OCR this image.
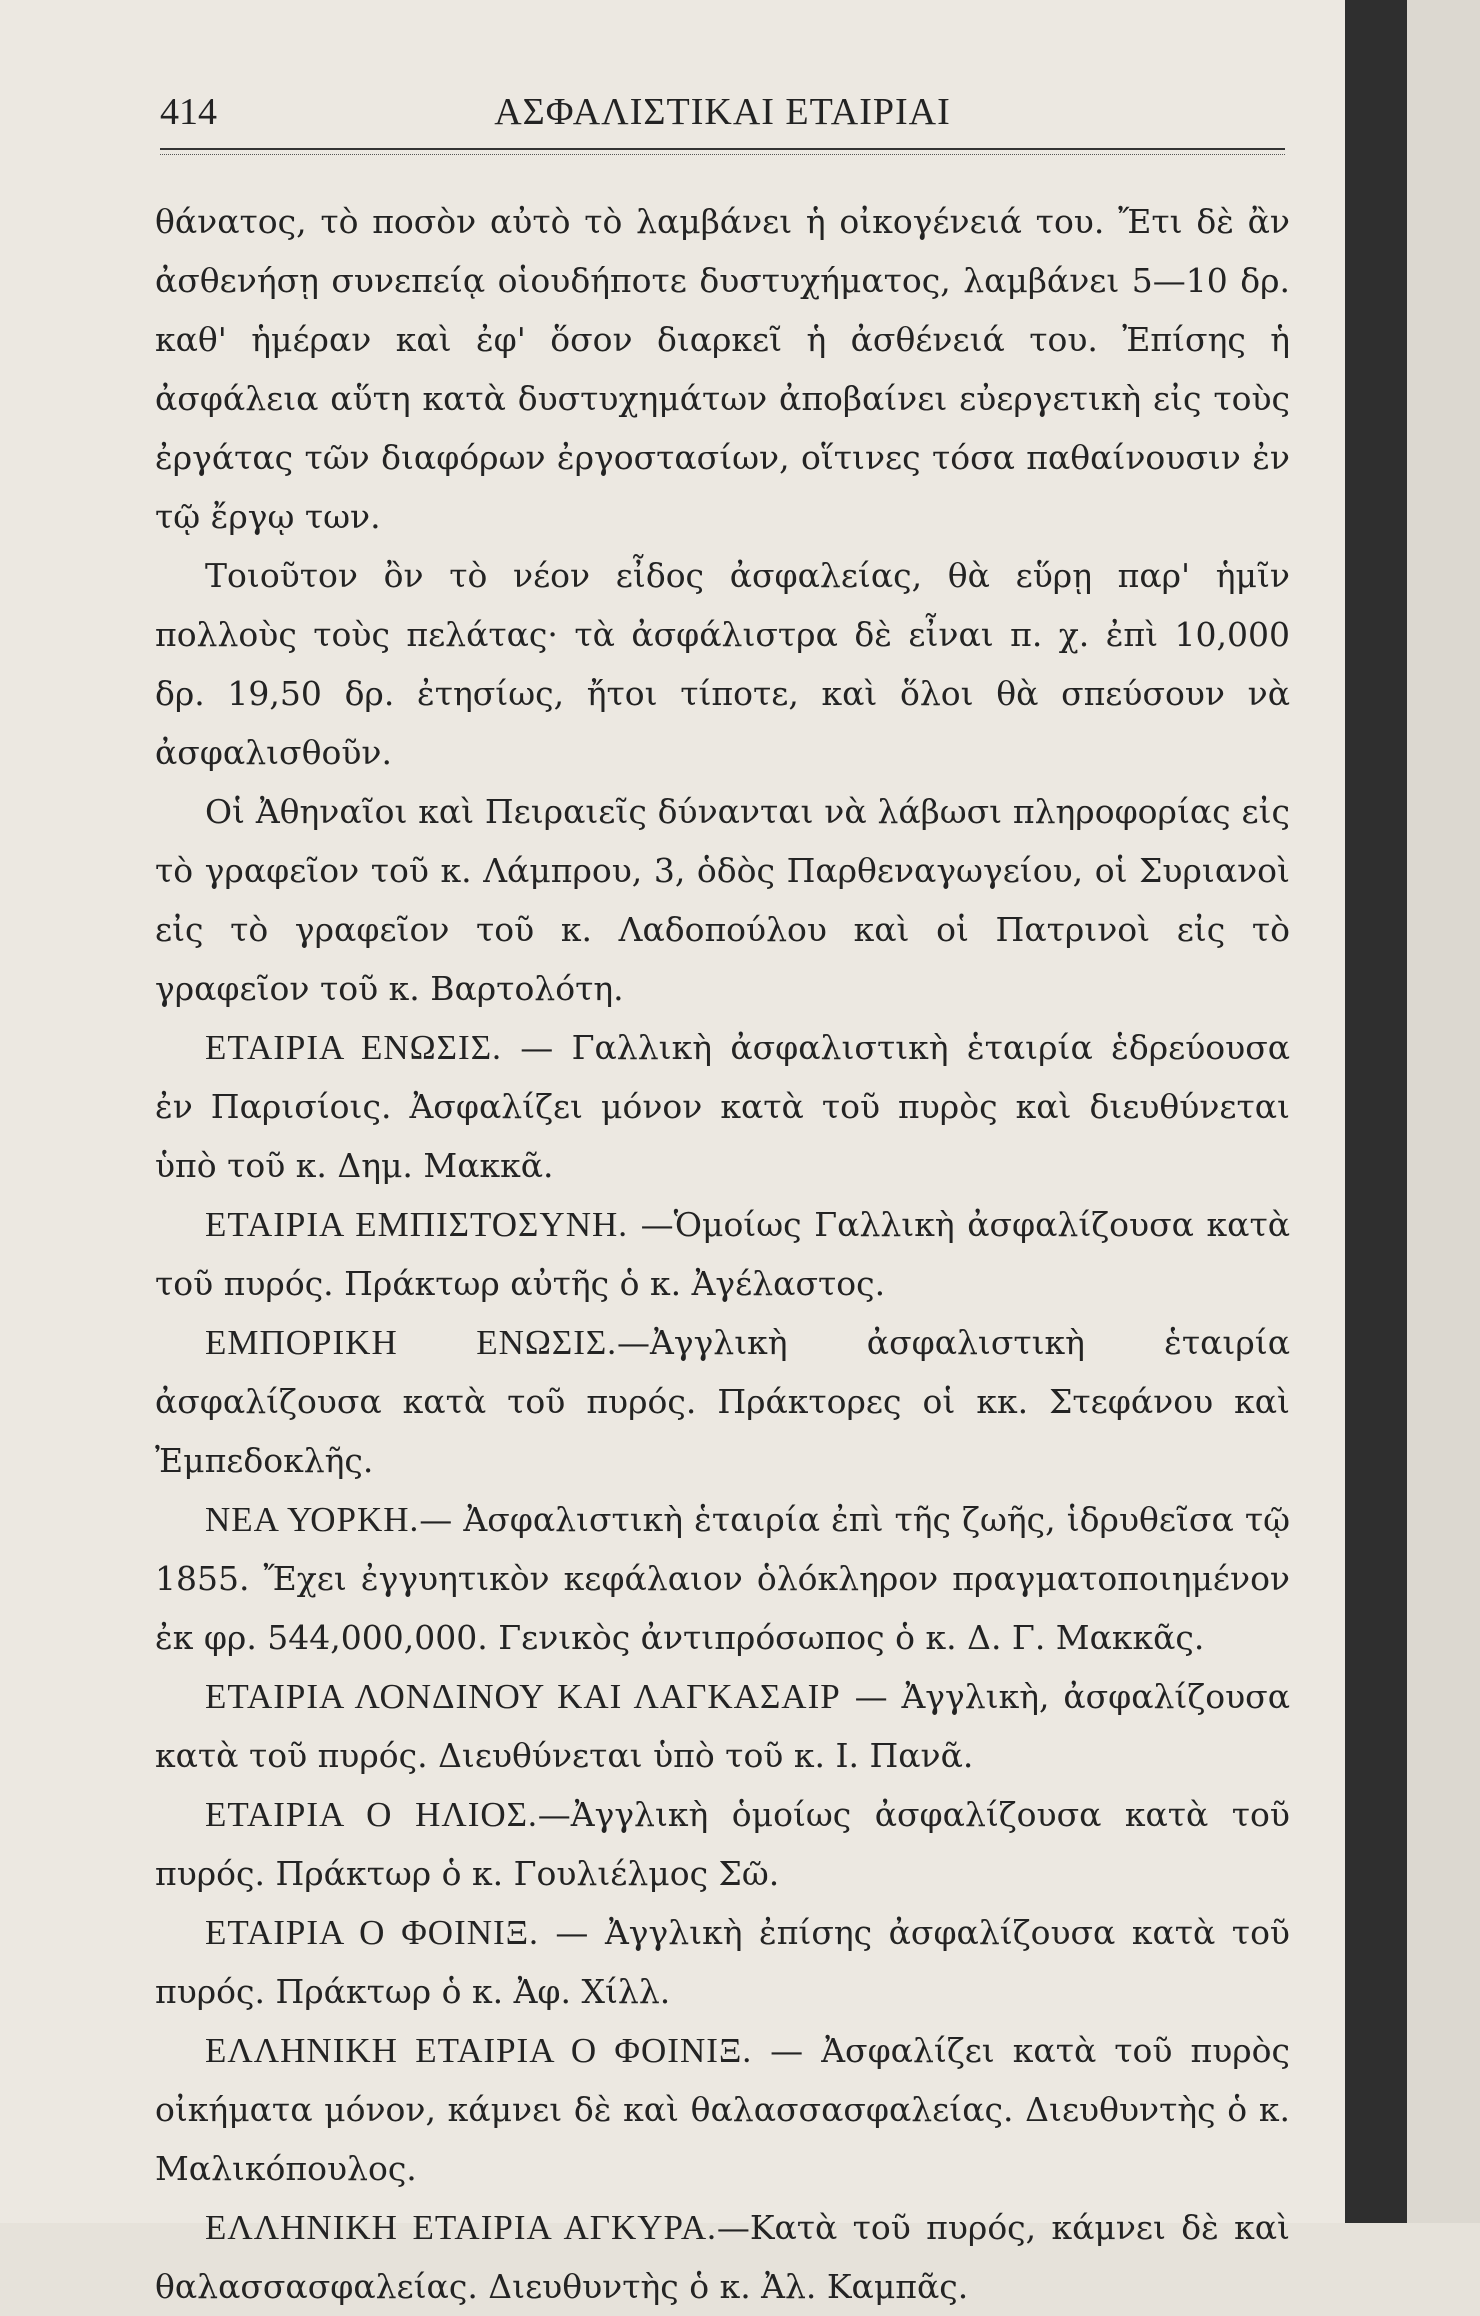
414	ΑΣΦΑΛΙΣΤΙΚΑΙ ΕΤΑΙΡΙΑΙ

θάνατος, τὸ ποσὸν αὐτὸ τὸ λαμβάνει ἡ οἰκογένειά του. Ἔτι δὲ ἂν ἀσθενήσῃ συνεπείᾳ οἱουδήποτε δυστυχήματος, λαμβάνει 5—10 δρ. καθ' ἡμέραν καὶ ἐφ' ὅσον διαρκεῖ ἡ ἀσθένειά του. Ἐπίσης ἡ ἀσφάλεια αὕτη κατὰ δυστυχημάτων ἀποβαίνει εὐεργετικὴ εἰς τοὺς ἐργάτας τῶν διαφόρων ἐργοστασίων, οἵτινες τόσα παθαίνουσιν ἐν τῷ ἔργῳ των.

Τοιοῦτον ὂν τὸ νέον εἶδος ἀσφαλείας, θὰ εὕρῃ παρ' ἡμῖν πολλοὺς τοὺς πελάτας· τὰ ἀσφάλιστρα δὲ εἶναι π. χ. ἐπὶ 10,000 δρ. 19,50 δρ. ἐτησίως, ἤτοι τίποτε, καὶ ὅλοι θὰ σπεύσουν νὰ ἀσφαλισθοῦν.

Οἱ Ἀθηναῖοι καὶ Πειραιεῖς δύνανται νὰ λάβωσι πληροφορίας εἰς τὸ γραφεῖον τοῦ κ. Λάμπρου, 3, ὁδὸς Παρθεναγωγείου, οἱ Συριανοὶ εἰς τὸ γραφεῖον τοῦ κ. Λαδοπούλου καὶ οἱ Πατρινοὶ εἰς τὸ γραφεῖον τοῦ κ. Βαρτολότη.

ΕΤΑΙΡΙΑ ΕΝΩΣΙΣ. — Γαλλικὴ ἀσφαλιστικὴ ἑταιρία ἑδρεύουσα ἐν Παρισίοις. Ἀσφαλίζει μόνον κατὰ τοῦ πυρὸς καὶ διευθύνεται ὑπὸ τοῦ κ. Δημ. Μακκᾶ.

ΕΤΑΙΡΙΑ ΕΜΠΙΣΤΟΣΥΝΗ. —Ὁμοίως Γαλλικὴ ἀσφαλίζουσα κατὰ τοῦ πυρός. Πράκτωρ αὐτῆς ὁ κ. Ἀγέλαστος.

ΕΜΠΟΡΙΚΗ ΕΝΩΣΙΣ.—Ἀγγλικὴ ἀσφαλιστικὴ ἑταιρία ἀσφαλίζουσα κατὰ τοῦ πυρός. Πράκτορες οἱ κκ. Στεφάνου καὶ Ἐμπεδοκλῆς.

ΝΕΑ ΥΟΡΚΗ.— Ἀσφαλιστικὴ ἑταιρία ἐπὶ τῆς ζωῆς, ἱδρυθεῖσα τῷ 1855. Ἔχει ἐγγυητικὸν κεφάλαιον ὁλόκληρον πραγματοποιημένον ἐκ φρ. 544,000,000. Γενικὸς ἀντιπρόσωπος ὁ κ. Δ. Γ. Μακκᾶς.

ΕΤΑΙΡΙΑ ΛΟΝΔΙΝΟΥ ΚΑΙ ΛΑΓΚΑΣΑΙΡ — Ἀγγλικὴ, ἀσφαλίζουσα κατὰ τοῦ πυρός. Διευθύνεται ὑπὸ τοῦ κ. Ι. Πανᾶ.

ΕΤΑΙΡΙΑ Ο ΗΛΙΟΣ.—Ἀγγλικὴ ὁμοίως ἀσφαλίζουσα κατὰ τοῦ πυρός. Πράκτωρ ὁ κ. Γουλιέλμος Σῶ.

ΕΤΑΙΡΙΑ Ο ΦΟΙΝΙΞ. — Ἀγγλικὴ ἐπίσης ἀσφαλίζουσα κατὰ τοῦ πυρός. Πράκτωρ ὁ κ. Ἀφ. Χίλλ.

ΕΛΛΗΝΙΚΗ ΕΤΑΙΡΙΑ Ο ΦΟΙΝΙΞ. — Ἀσφαλίζει κατὰ τοῦ πυρὸς οἰκήματα μόνον, κάμνει δὲ καὶ θαλασσασφαλείας. Διευθυντὴς ὁ κ. Μαλικόπουλος.

ΕΛΛΗΝΙΚΗ ΕΤΑΙΡΙΑ ΑΓΚΥΡΑ.—Κατὰ τοῦ πυρός, κάμνει δὲ καὶ θαλασσασφαλείας. Διευθυντὴς ὁ κ. Ἀλ. Καμπᾶς.
